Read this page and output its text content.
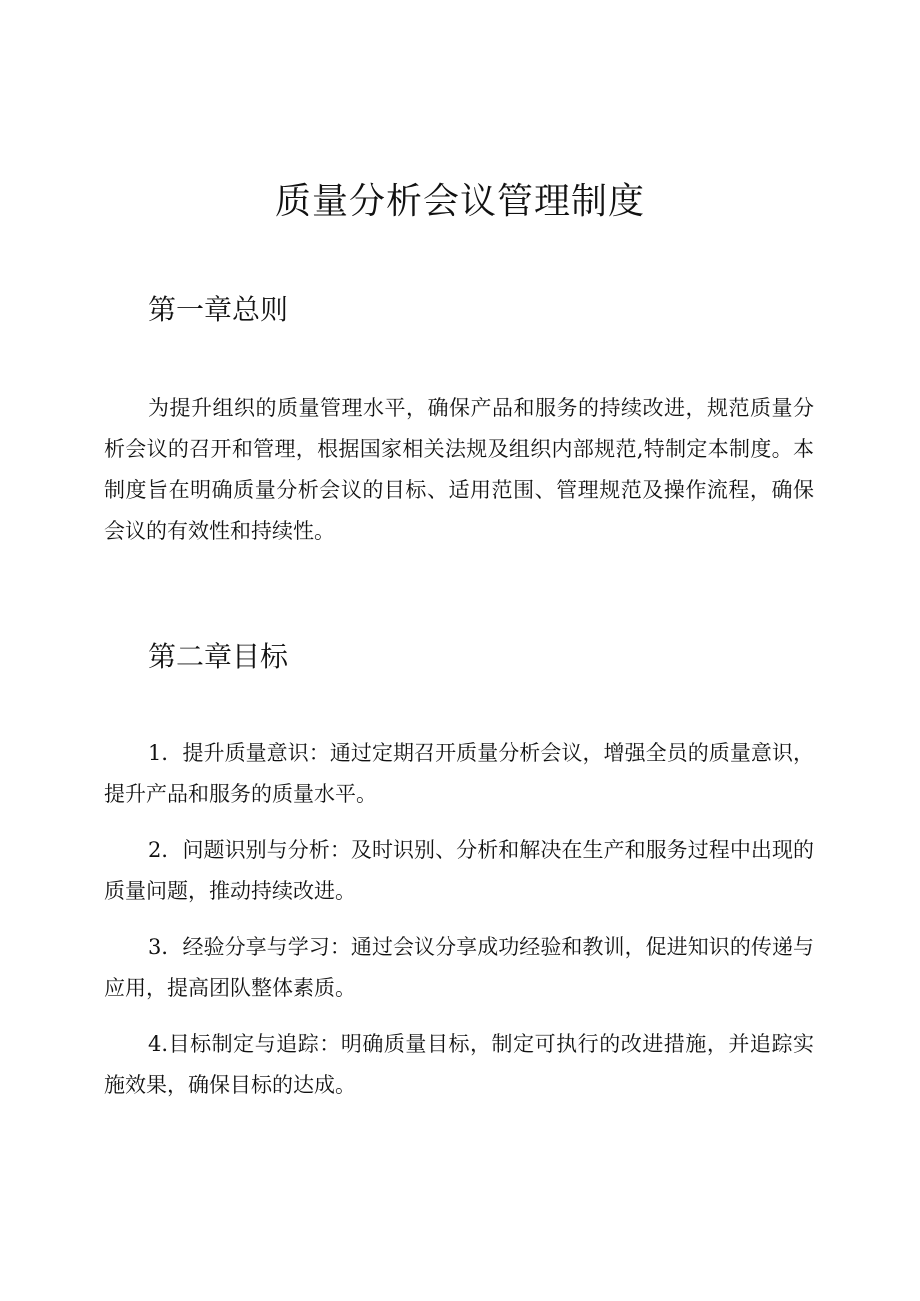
质量分析会议管理制度
第一章总则

为提升组织的质量管理水平，确保产品和服务的持续改进，规范质量分析会议的召开和管理，根据国家相关法规及组织内部规范,特制定本制度。本制度旨在明确质量分析会议的目标、适用范围、管理规范及操作流程，确保会议的有效性和持续性。

第二章目标

1．提升质量意识：通过定期召开质量分析会议，增强全员的质量意识，提升产品和服务的质量水平。

2．问题识别与分析：及时识别、分析和解决在生产和服务过程中出现的质量问题，推动持续改进。

3．经验分享与学习：通过会议分享成功经验和教训，促进知识的传递与应用，提高团队整体素质。

4.目标制定与追踪：明确质量目标，制定可执行的改进措施，并追踪实施效果，确保目标的达成。
